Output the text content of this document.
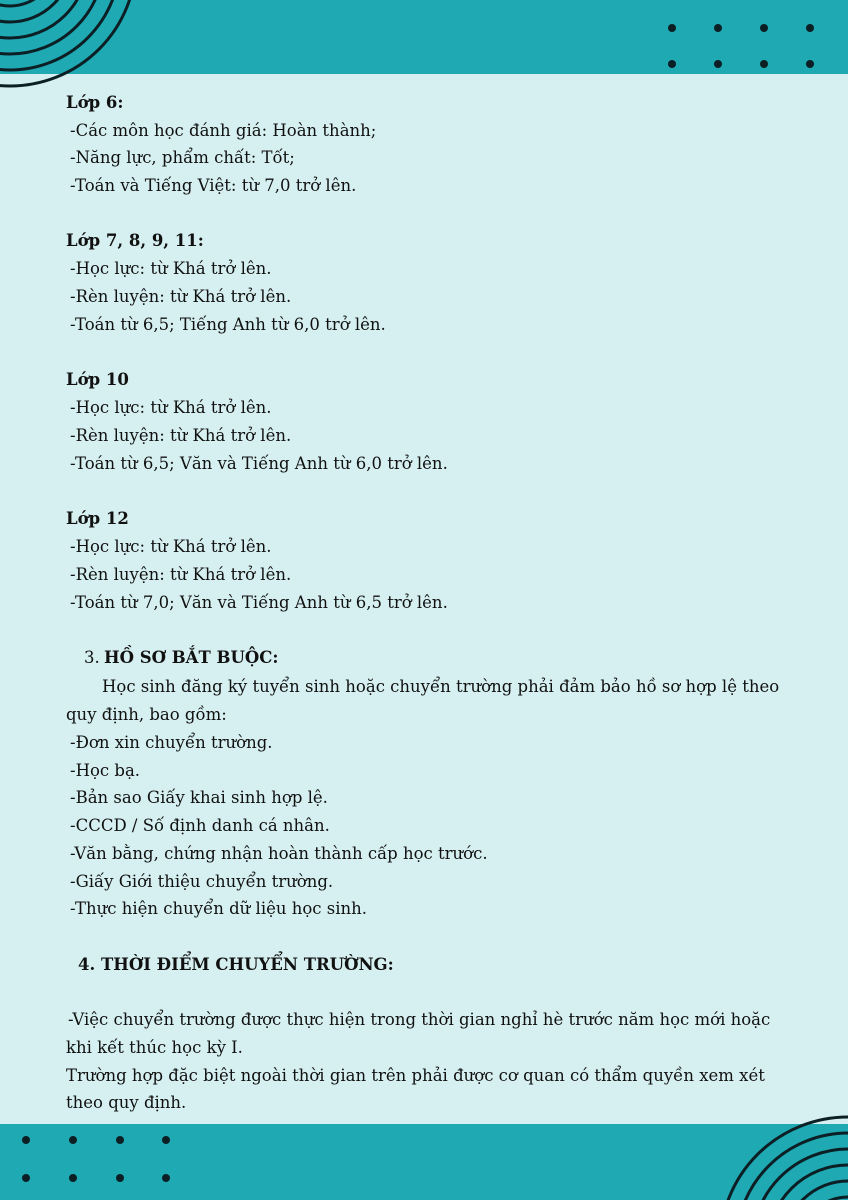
Lớp 6:
-Các môn học đánh giá: Hoàn thành;
-Năng lực, phẩm chất: Tốt;
-Toán và Tiếng Việt: từ 7,0 trở lên.
Lớp 7, 8, 9, 11:
-Học lực: từ Khá trở lên.
-Rèn luyện: từ Khá trở lên.
-Toán từ 6,5; Tiếng Anh từ 6,0 trở lên.
Lớp 10
-Học lực: từ Khá trở lên.
-Rèn luyện: từ Khá trở lên.
-Toán từ 6,5; Văn và Tiếng Anh từ 6,0 trở lên.
Lớp 12
-Học lực: từ Khá trở lên.
-Rèn luyện: từ Khá trở lên.
-Toán từ 7,0; Văn và Tiếng Anh từ 6,5 trở lên.
3. HỒ SƠ BẮT BUỘC:
Học sinh đăng ký tuyển sinh hoặc chuyển trường phải đảm bảo hồ sơ hợp lệ theo
quy định, bao gồm:
-Đơn xin chuyển trường.
-Học bạ.
-Bản sao Giấy khai sinh hợp lệ.
-CCCD / Số định danh cá nhân.
-Văn bằng, chứng nhận hoàn thành cấp học trước.
-Giấy Giới thiệu chuyển trường.
-Thực hiện chuyển dữ liệu học sinh.
4. THỜI ĐIỂM CHUYỂN TRƯỜNG:
-Việc chuyển trường được thực hiện trong thời gian nghỉ hè trước năm học mới hoặc
khi kết thúc học kỳ I.
Trường hợp đặc biệt ngoài thời gian trên phải được cơ quan có thẩm quyền xem xét
theo quy định.
